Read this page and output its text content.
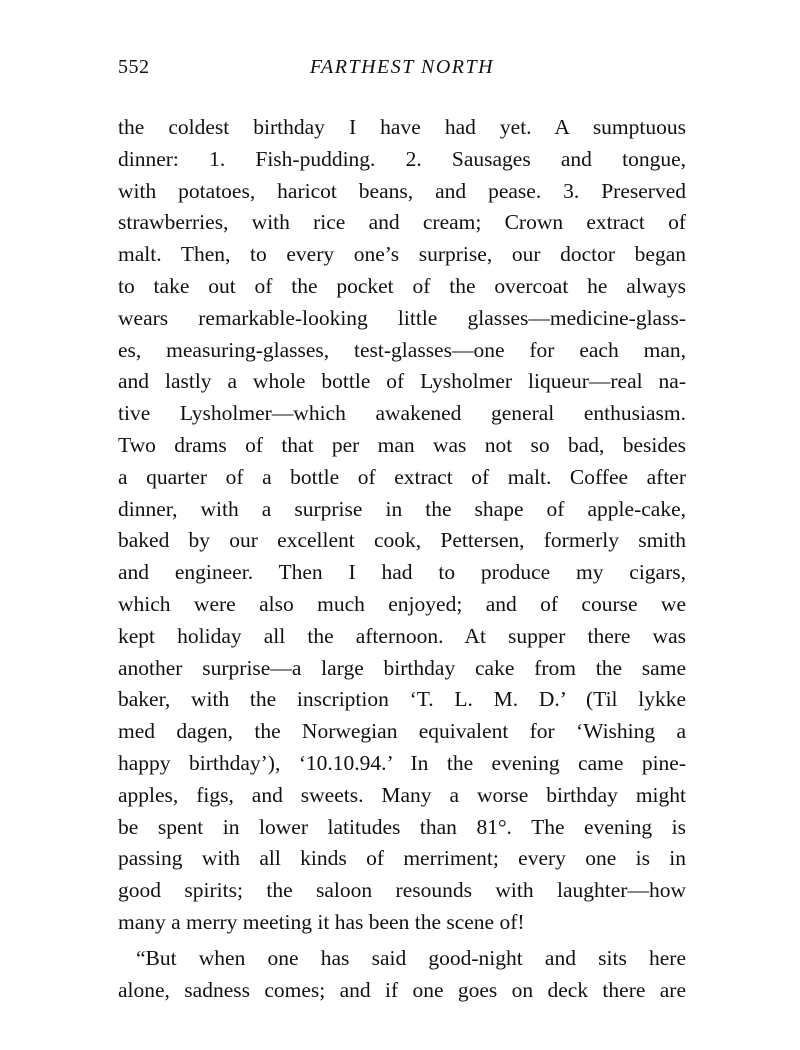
552	FARTHEST NORTH
the coldest birthday I have had yet. A sumptuous
dinner: 1. Fish-pudding. 2. Sausages and tongue,
with potatoes, haricot beans, and pease. 3. Preserved
strawberries, with rice and cream; Crown extract of
malt. Then, to every one’s surprise, our doctor began
to take out of the pocket of the overcoat he always
wears remarkable-looking little glasses—medicine-glass-
es, measuring-glasses, test-glasses—one for each man,
and lastly a whole bottle of Lysholmer liqueur—real na-
tive Lysholmer—which awakened general enthusiasm.
Two drams of that per man was not so bad, besides
a quarter of a bottle of extract of malt. Coffee after
dinner, with a surprise in the shape of apple-cake,
baked by our excellent cook, Pettersen, formerly smith
and engineer. Then I had to produce my cigars,
which were also much enjoyed; and of course we
kept holiday all the afternoon. At supper there was
another surprise—a large birthday cake from the same
baker, with the inscription ‘T. L. M. D.’ (Til lykke
med dagen, the Norwegian equivalent for ‘Wishing a
happy birthday’), ‘10.10.94.’ In the evening came pine-
apples, figs, and sweets. Many a worse birthday might
be spent in lower latitudes than 81°. The evening is
passing with all kinds of merriment; every one is in
good spirits; the saloon resounds with laughter—how
many a merry meeting it has been the scene of!
“But when one has said good-night and sits here
alone, sadness comes; and if one goes on deck there are
